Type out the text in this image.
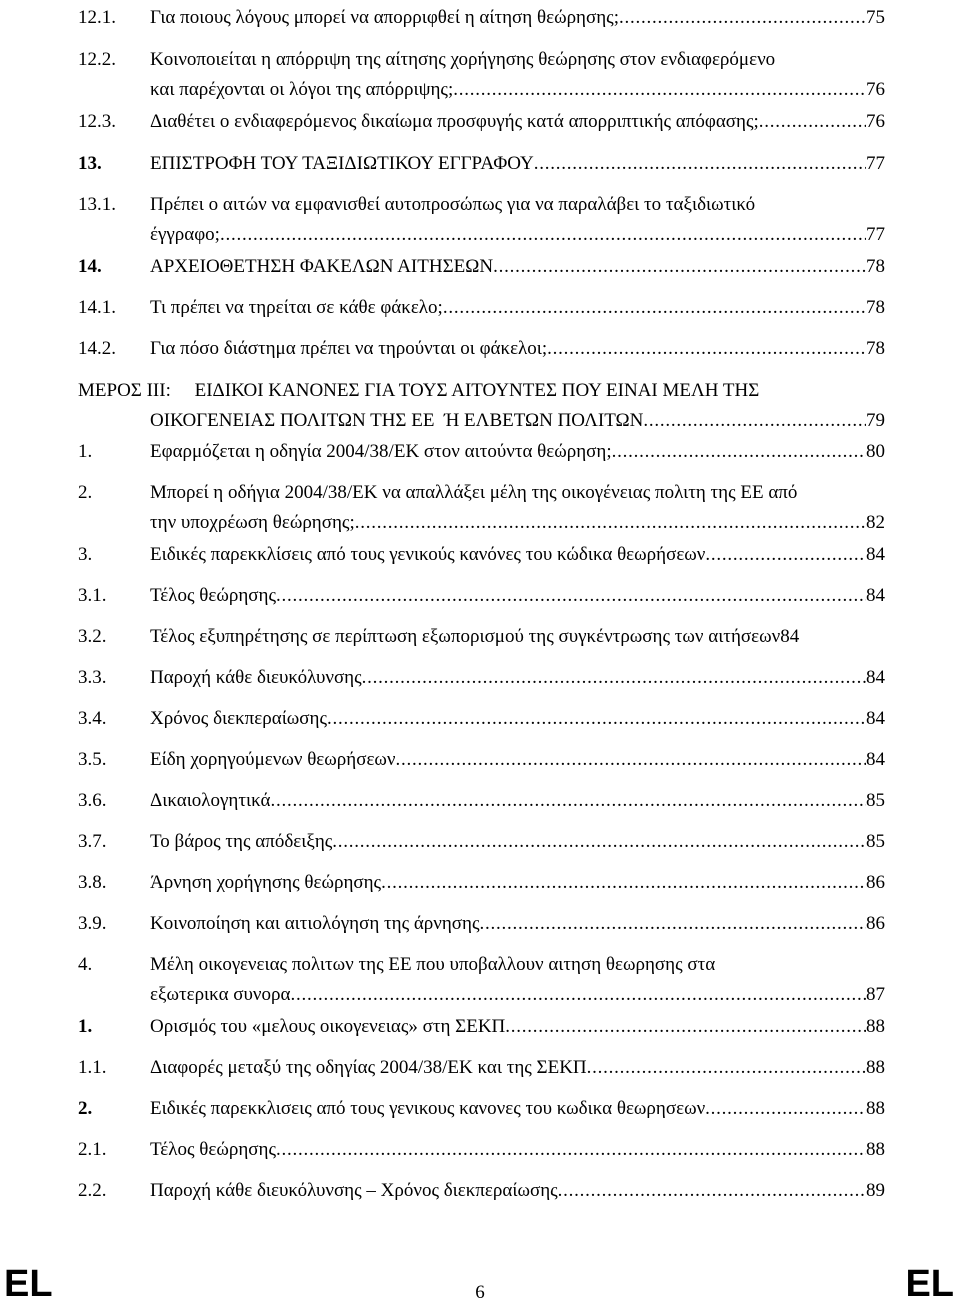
12.1. Για ποιους λόγους μπορεί να απορριφθεί η αίτηση θεώρησης; . . .	75
12.2. Κοινοποιείται η απόρριψη της αίτησης χορήγησης θεώρησης στον ενδιαφερόμενο
και παρέχονται οι λόγοι της απόρριψης; . . .	76
12.3. Διαθέτει ο ενδιαφερόμενος δικαίωμα προσφυγής κατά απορριπτικής απόφασης; . . .	76
13.	ΕΠΙΣΤΡΟΦΗ ΤΟΥ ΤΑΞΙΔΙΩΤΙΚΟΥ ΕΓΓΡΑΦΟΥ . . .	77
13.1. Πρέπει ο αιτών να εμφανισθεί αυτοπροσώπως για να παραλάβει το ταξιδιωτικό
έγγραφο; . . .	77
14.	ΑΡΧΕΙΟΘΕΤΗΣΗ ΦΑΚΕΛΩΝ ΑΙΤΗΣΕΩΝ . . .	78
14.1. Τι πρέπει να τηρείται σε κάθε φάκελο; . . .	78
14.2. Για πόσο διάστημα πρέπει να τηρούνται οι φάκελοι; . . .	78
ΜΕΡΟΣ III:     ΕΙΔΙΚΟΙ ΚΑΝΟΝΕΣ ΓΙΑ ΤΟΥΣ ΑΙΤΟΥΝΤΕΣ ΠΟΥ ΕΙΝΑΙ ΜΕΛΗ ΤΗΣ
ΟΙΚΟΓΕΝΕΙΑΣ ΠΟΛΙΤΩΝ ΤΗΣ ΕΕ  Ή ΕΛΒΕΤΩΝ ΠΟΛΙΤΩΝ . . .	79
1.	Εφαρμόζεται η οδηγία 2004/38/ΕΚ στον αιτούντα θεώρηση; . . .	80
2.	Μπορεί η οδήγια 2004/38/ΕΚ να απαλλάξει μέλη της οικογένειας πολιτη της ΕΕ από
την υποχρέωση θεώρησης; . . .	82
3.	Ειδικές παρεκκλίσεις από τους γενικούς κανόνες του κώδικα θεωρήσεων . . .	84
3.1. Τέλος θεώρησης . . .	84
3.2. Τέλος εξυπηρέτησης σε περίπτωση εξωπορισμού της συγκέντρωσης των αιτήσεων 84
3.3. Παροχή κάθε διευκόλυνσης . . .	84
3.4. Χρόνος διεκπεραίωσης . . .	84
3.5. Είδη χορηγούμενων θεωρήσεων . . .	84
3.6. Δικαιολογητικά . . .	85
3.7. Το βάρος της απόδειξης . . .	85
3.8. Άρνηση χορήγησης θεώρησης . . .	86
3.9. Κοινοποίηση και αιτιολόγηση της άρνησης . . .	86
4.	Μέλη οικογενειας πολιτων της ΕΕ που υποβαλλουν αιτηση θεωρησης στα
εξωτερικα συνορα . . .	87
1.	Ορισμός του «μελους οικογενειας» στη ΣΕΚΠ . . .	88
1.1. Διαφορές μεταξύ της οδηγίας 2004/38/ΕΚ και της ΣΕΚΠ . . .	88
2.	Ειδικές παρεκκλισεις από τους γενικους κανονες του κωδικα θεωρησεων . . .	88
2.1. Τέλος θεώρησης . . .	88
2.2. Παροχή κάθε διευκόλυνσης – Χρόνος διεκπεραίωσης . . .	89
EL	6	EL
